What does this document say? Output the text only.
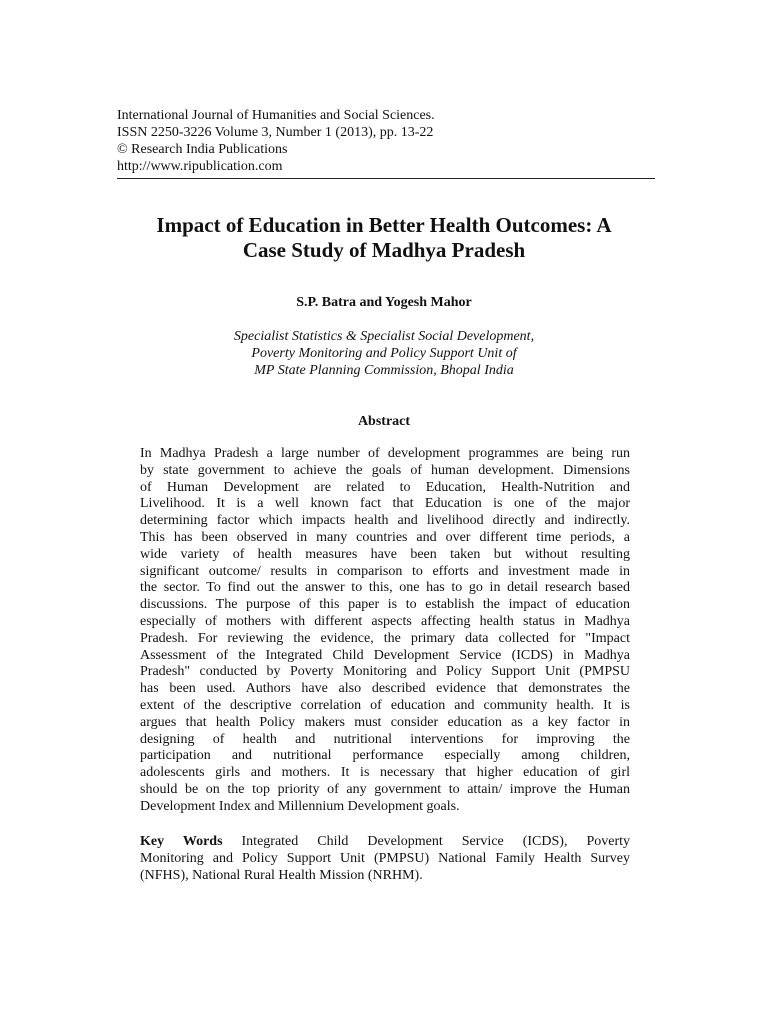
International Journal of Humanities and Social Sciences.
ISSN 2250-3226 Volume 3, Number 1 (2013), pp. 13-22
© Research India Publications
http://www.ripublication.com
Impact of Education in Better Health Outcomes: A
Case Study of Madhya Pradesh
S.P. Batra and Yogesh Mahor
Specialist Statistics & Specialist Social Development,
Poverty Monitoring and Policy Support Unit of
MP State Planning Commission, Bhopal India
Abstract
In Madhya Pradesh a large number of development programmes are being run
by state government to achieve the goals of human development. Dimensions
of Human Development are related to Education, Health-Nutrition and
Livelihood. It is a well known fact that Education is one of the major
determining factor which impacts health and livelihood directly and indirectly.
This has been observed in many countries and over different time periods, a
wide variety of health measures have been taken but without resulting
significant outcome/ results in comparison to efforts and investment made in
the sector. To find out the answer to this, one has to go in detail research based
discussions. The purpose of this paper is to establish the impact of education
especially of mothers with different aspects affecting health status in Madhya
Pradesh. For reviewing the evidence, the primary data collected for "Impact
Assessment of the Integrated Child Development Service (ICDS) in Madhya
Pradesh" conducted by Poverty Monitoring and Policy Support Unit (PMPSU
has been used. Authors have also described evidence that demonstrates the
extent of the descriptive correlation of education and community health. It is
argues that health Policy makers must consider education as a key factor in
designing of health and nutritional interventions for improving the
participation and nutritional performance especially among children,
adolescents girls and mothers. It is necessary that higher education of girl
should be on the top priority of any government to attain/ improve the Human
Development Index and Millennium Development goals.
Key Words Integrated Child Development Service (ICDS), Poverty
Monitoring and Policy Support Unit (PMPSU) National Family Health Survey
(NFHS), National Rural Health Mission (NRHM).
